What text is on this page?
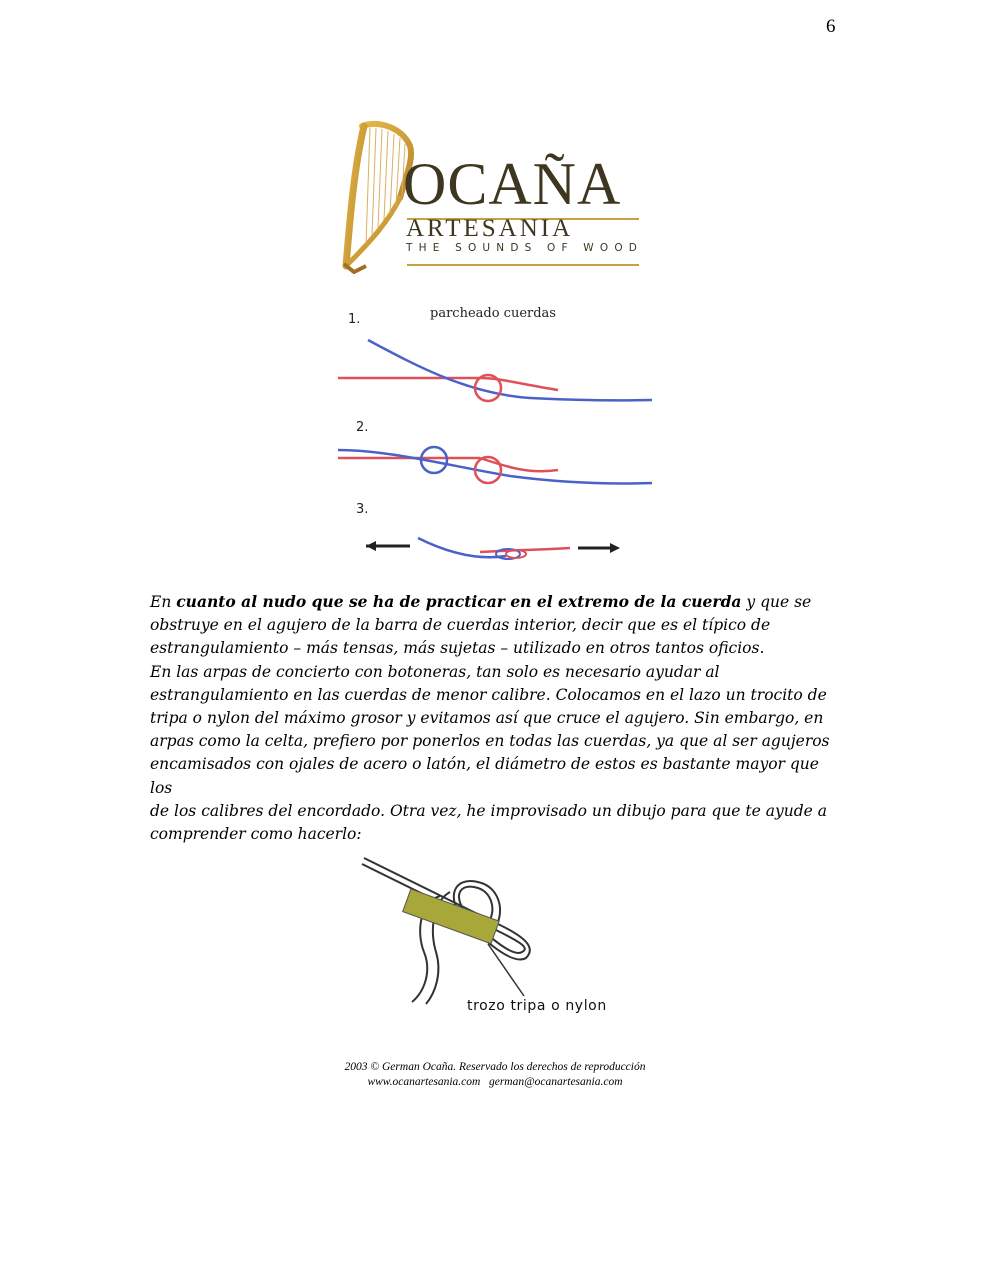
6
OCAÑA
ARTESANIA
THE SOUNDS OF WOOD
parcheado cuerdas
1.
2.
3.

En cuanto al nudo que se ha de practicar en el extremo de la cuerda y que se
obstruye en el agujero de la barra de cuerdas interior, decir que es el típico de
estrangulamiento – más tensas, más sujetas – utilizado en otros tantos oficios.
En las arpas de concierto con botoneras, tan solo es necesario ayudar al
estrangulamiento en las cuerdas de menor calibre. Colocamos en el lazo un trocito de
tripa o nylon del máximo grosor y evitamos así que cruce el agujero. Sin embargo, en
arpas como la celta, prefiero por ponerlos en todas las cuerdas, ya que al ser agujeros
encamisados con ojales de acero o latón, el diámetro de estos es bastante mayor que los
de los calibres del encordado. Otra vez, he improvisado un dibujo para que te ayude a
comprender como hacerlo:

trozo tripa o nylon
2003 © German Ocaña. Reservado los derechos de reproducción
www.ocanartesania.com   german@ocanartesania.com
